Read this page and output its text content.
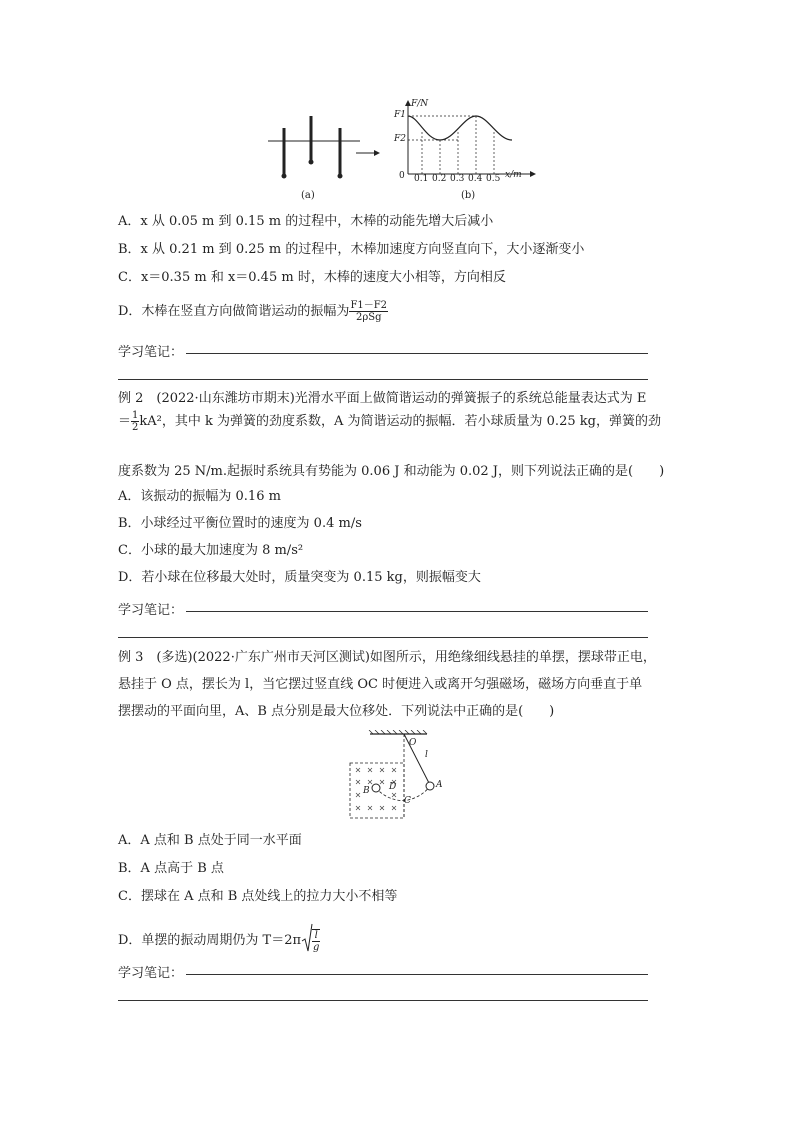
(a)	(b)
F/N
F1
F2
0 0.1 0.2 0.3 0.4 0.5 x/m
A．x 从 0.05 m 到 0.15 m 的过程中，木棒的动能先增大后减小
B．x 从 0.21 m 到 0.25 m 的过程中，木棒加速度方向竖直向下，大小逐渐变小
C．x＝0.35 m 和 x＝0.45 m 时，木棒的速度大小相等，方向相反
D．木棒在竖直方向做简谐运动的振幅为 $\frac{F1-F2}{\text{2ρSg}}$
学习笔记：
例 2　(2022·山东潍坊市期末)光滑水平面上做简谐运动的弹簧振子的系统总能量表达式为 E
＝ $\frac{1}{2} kA^2$，其中 k 为弹簧的劲度系数，A 为简谐运动的振幅．若小球质量为 0.25 kg，弹簧的劲
度系数为 25 N/m.起振时系统具有势能为 0.06 J 和动能为 0.02 J，则下列说法正确的是(　　)
A．该振动的振幅为 0.16 m
B．小球经过平衡位置时的速度为 0.4 m/s
C．小球的最大加速度为 8 m/s²
D．若小球在位移最大处时，质量突变为 0.15 kg，则振幅变大
学习笔记：
例 3　(多选)(2022·广东广州市天河区测试)如图所示，用绝缘细线悬挂的单摆，摆球带正电，
悬挂于 O 点，摆长为 l，当它摆过竖直线 OC 时便进入或离开匀强磁场，磁场方向垂直于单
摆摆动的平面向里，A、B 点分别是最大位移处．下列说法中正确的是(　　)
O
l
A
B D
C
A．A 点和 B 点处于同一水平面
B．A 点高于 B 点
C．摆球在 A 点和 B 点处线上的拉力大小不相等
D．单摆的振动周期仍为 $T=2\pi \frac{l}{g}$
学习笔记：
